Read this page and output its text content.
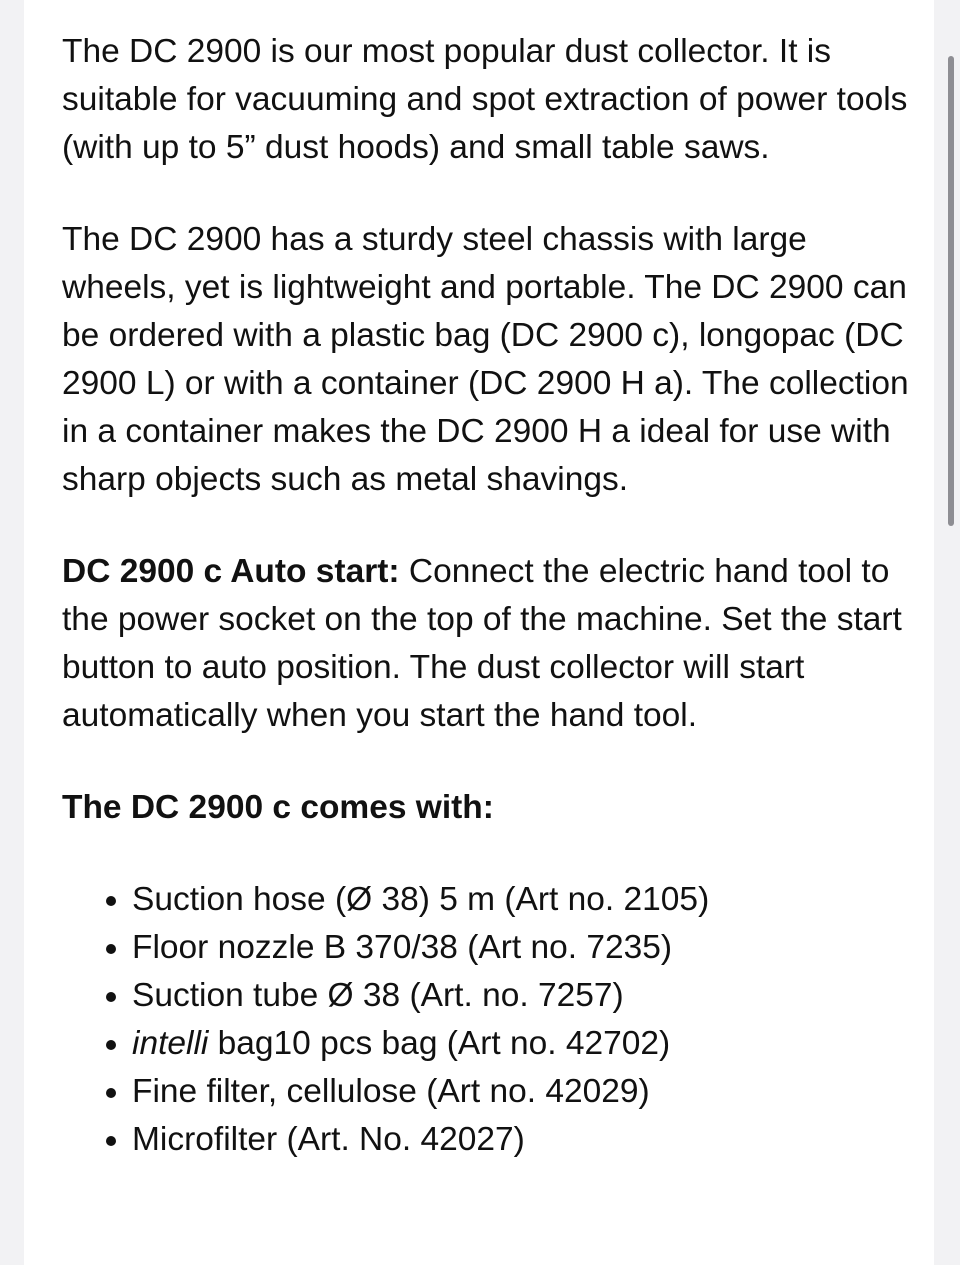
The DC 2900 is our most popular dust collector. It is suitable for vacuuming and spot extraction of power tools (with up to 5” dust hoods) and small table saws.

The DC 2900 has a sturdy steel chassis with large wheels, yet is lightweight and portable. The DC 2900 can be ordered with a plastic bag (DC 2900 c), longopac (DC 2900 L) or with a container (DC 2900 H a). The collection in a container makes the DC 2900 H a ideal for use with sharp objects such as metal shavings.

DC 2900 c Auto start: Connect the electric hand tool to the power socket on the top of the machine. Set the start button to auto position. The dust collector will start automatically when you start the hand tool.

The DC 2900 c comes with:

• Suction hose (Ø 38) 5 m (Art no. 2105)
• Floor nozzle B 370/38 (Art no. 7235)
• Suction tube Ø 38 (Art. no. 7257)
• intelli bag10 pcs bag (Art no. 42702)
• Fine filter, cellulose (Art no. 42029)
• Microfilter (Art. No. 42027)
